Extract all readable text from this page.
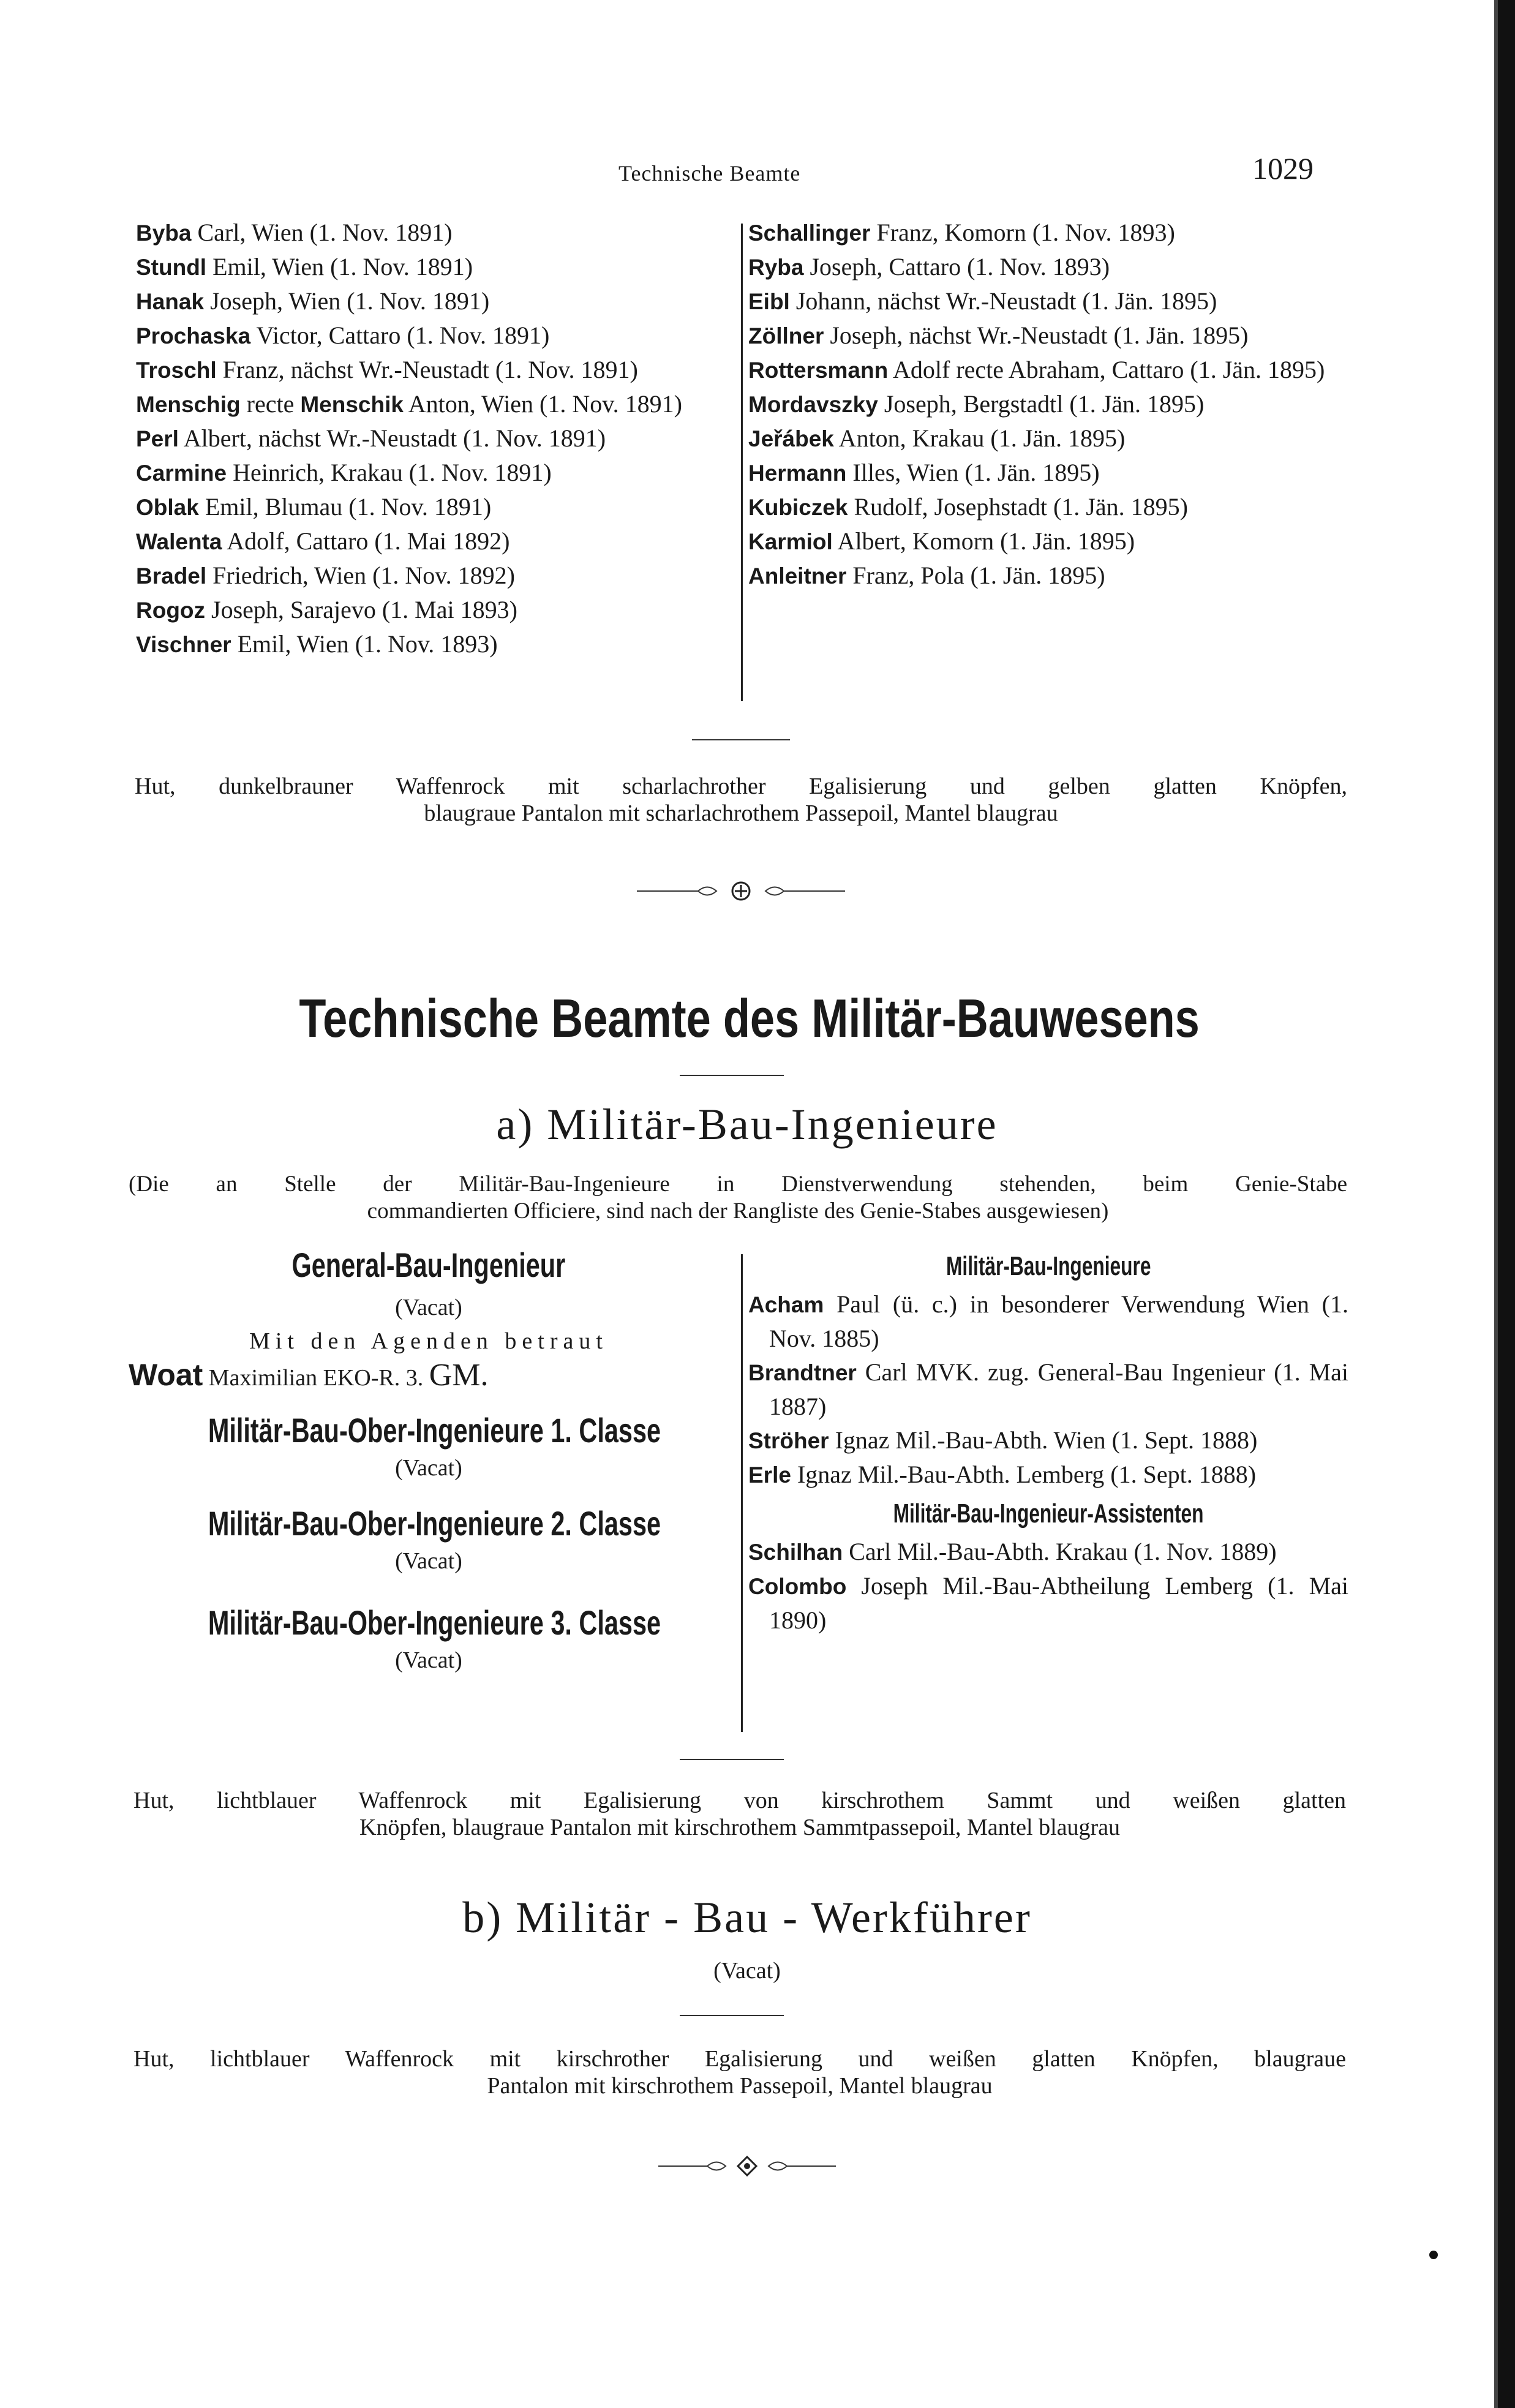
Technische Beamte	1029

Byba Carl, Wien (1. Nov. 1891)

Stundl Emil, Wien (1. Nov. 1891)

Hanak Joseph, Wien (1. Nov. 1891)

Prochaska Victor, Cattaro (1. Nov. 1891)

Troschl Franz, nächst Wr.-Neustadt (1. Nov. 1891)

Menschig recte Menschik Anton, Wien (1. Nov. 1891)

Perl Albert, nächst Wr.-Neustadt (1. Nov. 1891)

Carmine Heinrich, Krakau (1. Nov. 1891)

Oblak Emil, Blumau (1. Nov. 1891)

Walenta Adolf, Cattaro (1. Mai 1892)

Bradel Friedrich, Wien (1. Nov. 1892)

Rogoz Joseph, Sarajevo (1. Mai 1893)

Vischner Emil, Wien (1. Nov. 1893)

Schallinger Franz, Komorn (1. Nov. 1893)

Ryba Joseph, Cattaro (1. Nov. 1893)

Eibl Johann, nächst Wr.-Neustadt (1. Jän. 1895)

Zöllner Joseph, nächst Wr.-Neustadt (1. Jän. 1895)

Rottersmann Adolf recte Abraham, Cattaro (1. Jän. 1895)

Mordavszky Joseph, Bergstadtl (1. Jän. 1895)

Jeřábek Anton, Krakau (1. Jän. 1895)

Hermann Illes, Wien (1. Jän. 1895)

Kubiczek Rudolf, Josephstadt (1. Jän. 1895)

Karmiol Albert, Komorn (1. Jän. 1895)

Anleitner Franz, Pola (1. Jän. 1895)

Hut, dunkelbrauner Waffenrock mit scharlachrother Egalisierung und gelben glatten Knöpfen,
blaugraue Pantalon mit scharlachrothem Passepoil, Mantel blaugrau
Technische Beamte des Militär-Bauwesens
a) Militär-Bau-Ingenieure
(Die an Stelle der Militär-Bau-Ingenieure in Dienstverwendung stehenden, beim Genie-Stabe
commandierten Officiere, sind nach der Rangliste des Genie-Stabes ausgewiesen)
General-Bau-Ingenieur
(Vacat)
Mit den Agenden betraut
Woat Maximilian EKO-R. 3. GM.
Militär-Bau-Ober-Ingenieure 1. Classe
(Vacat)
Militär-Bau-Ober-Ingenieure 2. Classe
(Vacat)
Militär-Bau-Ober-Ingenieure 3. Classe
(Vacat)
Militär-Bau-Ingenieure

Acham Paul (ü. c.) in besonderer Verwendung Wien (1. Nov. 1885)

Brandtner Carl MVK. zug. General-Bau Ingenieur (1. Mai 1887)

Ströher Ignaz Mil.-Bau-Abth. Wien (1. Sept. 1888)

Erle Ignaz Mil.-Bau-Abth. Lemberg (1. Sept. 1888)

Militär-Bau-Ingenieur-Assistenten

Schilhan Carl Mil.-Bau-Abth. Krakau (1. Nov. 1889)

Colombo Joseph Mil.-Bau-Abtheilung Lemberg (1. Mai 1890)

Hut, lichtblauer Waffenrock mit Egalisierung von kirschrothem Sammt und weißen glatten
Knöpfen, blaugraue Pantalon mit kirschrothem Sammtpassepoil, Mantel blaugrau
b) Militär - Bau - Werkführer
(Vacat)
Hut, lichtblauer Waffenrock mit kirschrother Egalisierung und weißen glatten Knöpfen, blaugraue
Pantalon mit kirschrothem Passepoil, Mantel blaugrau
